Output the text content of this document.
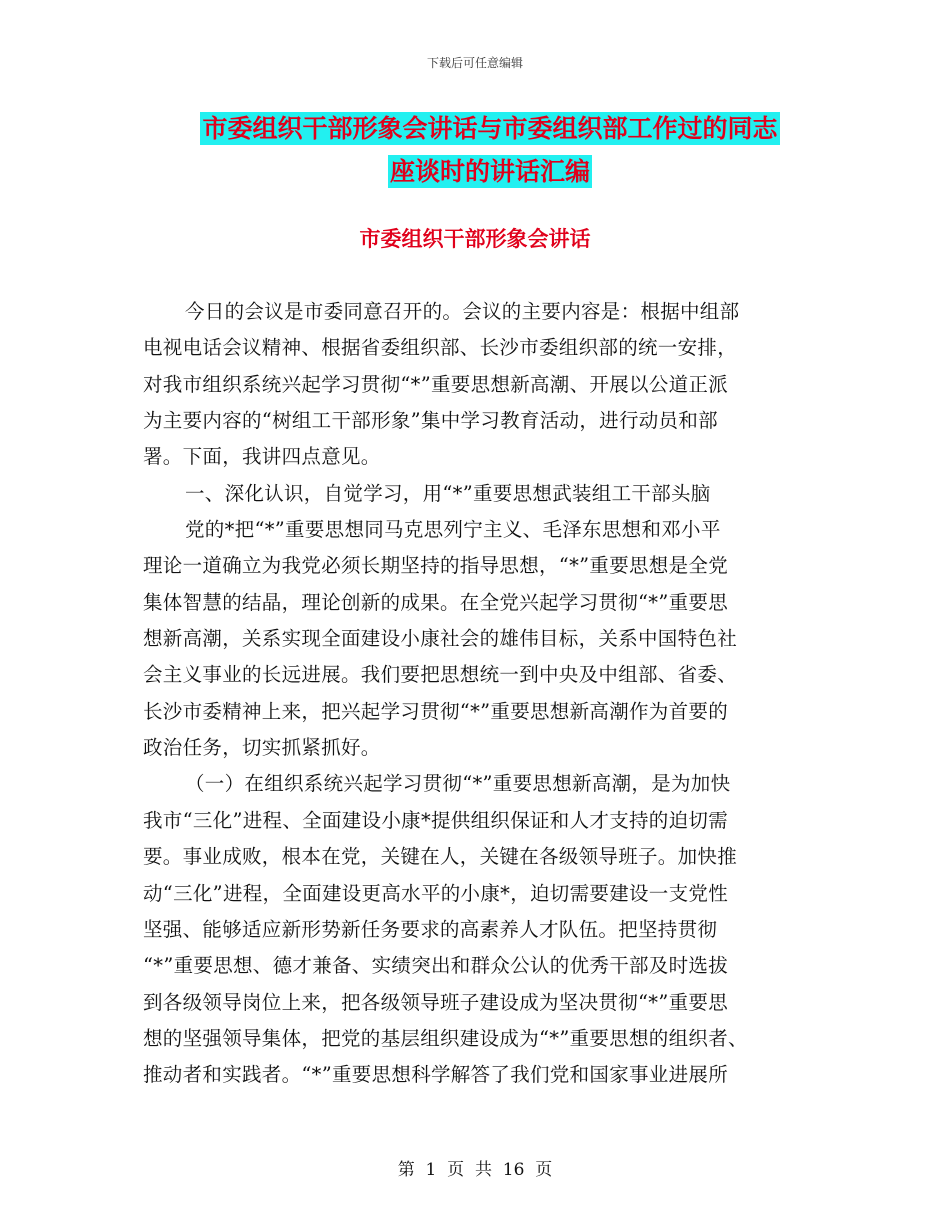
下载后可任意编辑
市委组织干部形象会讲话与市委组织部工作过的同志
座谈时的讲话汇编
市委组织干部形象会讲话
今日的会议是市委同意召开的。会议的主要内容是：根据中组部
电视电话会议精神、根据省委组织部、长沙市委组织部的统一安排，
对我市组织系统兴起学习贯彻“*”重要思想新高潮、开展以公道正派
为主要内容的“树组工干部形象”集中学习教育活动，进行动员和部
署。下面，我讲四点意见。
一、深化认识，自觉学习，用“*”重要思想武装组工干部头脑
党的*把“*”重要思想同马克思列宁主义、毛泽东思想和邓小平
理论一道确立为我党必须长期坚持的指导思想，“*”重要思想是全党
集体智慧的结晶，理论创新的成果。在全党兴起学习贯彻“*”重要思
想新高潮，关系实现全面建设小康社会的雄伟目标，关系中国特色社
会主义事业的长远进展。我们要把思想统一到中央及中组部、省委、
长沙市委精神上来，把兴起学习贯彻“*”重要思想新高潮作为首要的
政治任务，切实抓紧抓好。
（一）在组织系统兴起学习贯彻“*”重要思想新高潮，是为加快
我市“三化”进程、全面建设小康*提供组织保证和人才支持的迫切需
要。事业成败，根本在党，关键在人，关键在各级领导班子。加快推
动“三化”进程，全面建设更高水平的小康*，迫切需要建设一支党性
坚强、能够适应新形势新任务要求的高素养人才队伍。把坚持贯彻
“*”重要思想、德才兼备、实绩突出和群众公认的优秀干部及时选拔
到各级领导岗位上来，把各级领导班子建设成为坚决贯彻“*”重要思
想的坚强领导集体，把党的基层组织建设成为“*”重要思想的组织者、
推动者和实践者。“*”重要思想科学解答了我们党和国家事业进展所
第  1  页  共  16  页
